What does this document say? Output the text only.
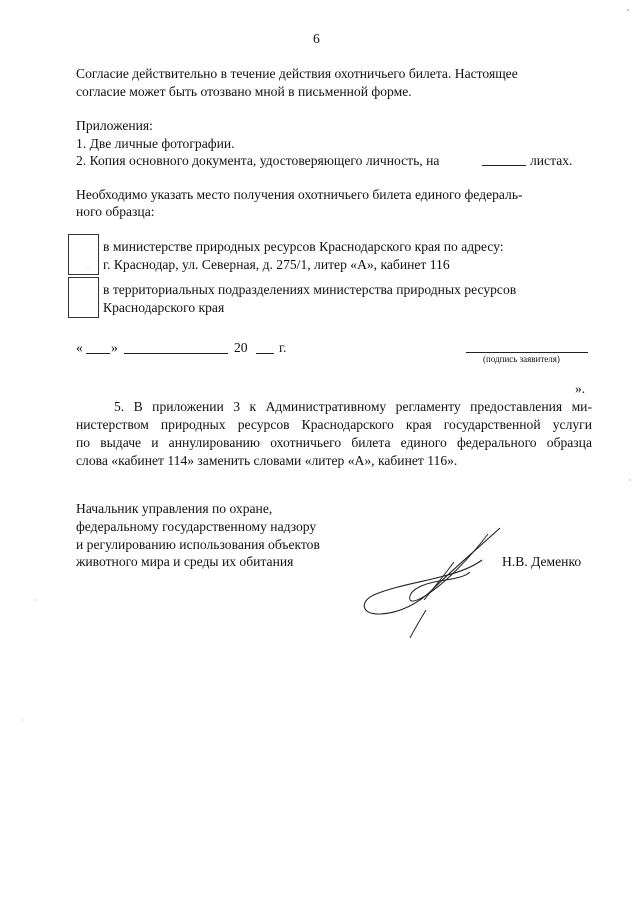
6
Согласие действительно в течение действия охотничьего билета. Настоящее
согласие может быть отозвано мной в письменной форме.
Приложения:
1. Две личные фотографии.
2. Копия основного документа, удостоверяющего личность, на	листах.
Необходимо указать место получения охотничьего билета единого федераль-
ного образца:
в министерстве природных ресурсов Краснодарского края по адресу:
г. Краснодар, ул. Северная, д. 275/1, литер «А», кабинет 116
в территориальных подразделениях министерства природных ресурсов
Краснодарского края
« »	20 г.
(подпись заявителя)
».
5. В приложении 3 к Административному регламенту предоставления ми-
нистерством природных ресурсов Краснодарского края государственной услуги
по выдаче и аннулированию охотничьего билета единого федерального образца
слова «кабинет 114» заменить словами «литер «А», кабинет 116».
Начальник управления по охране,
федеральному государственному надзору
и регулированию использования объектов
животного мира и среды их обитания	Н.В. Деменко
